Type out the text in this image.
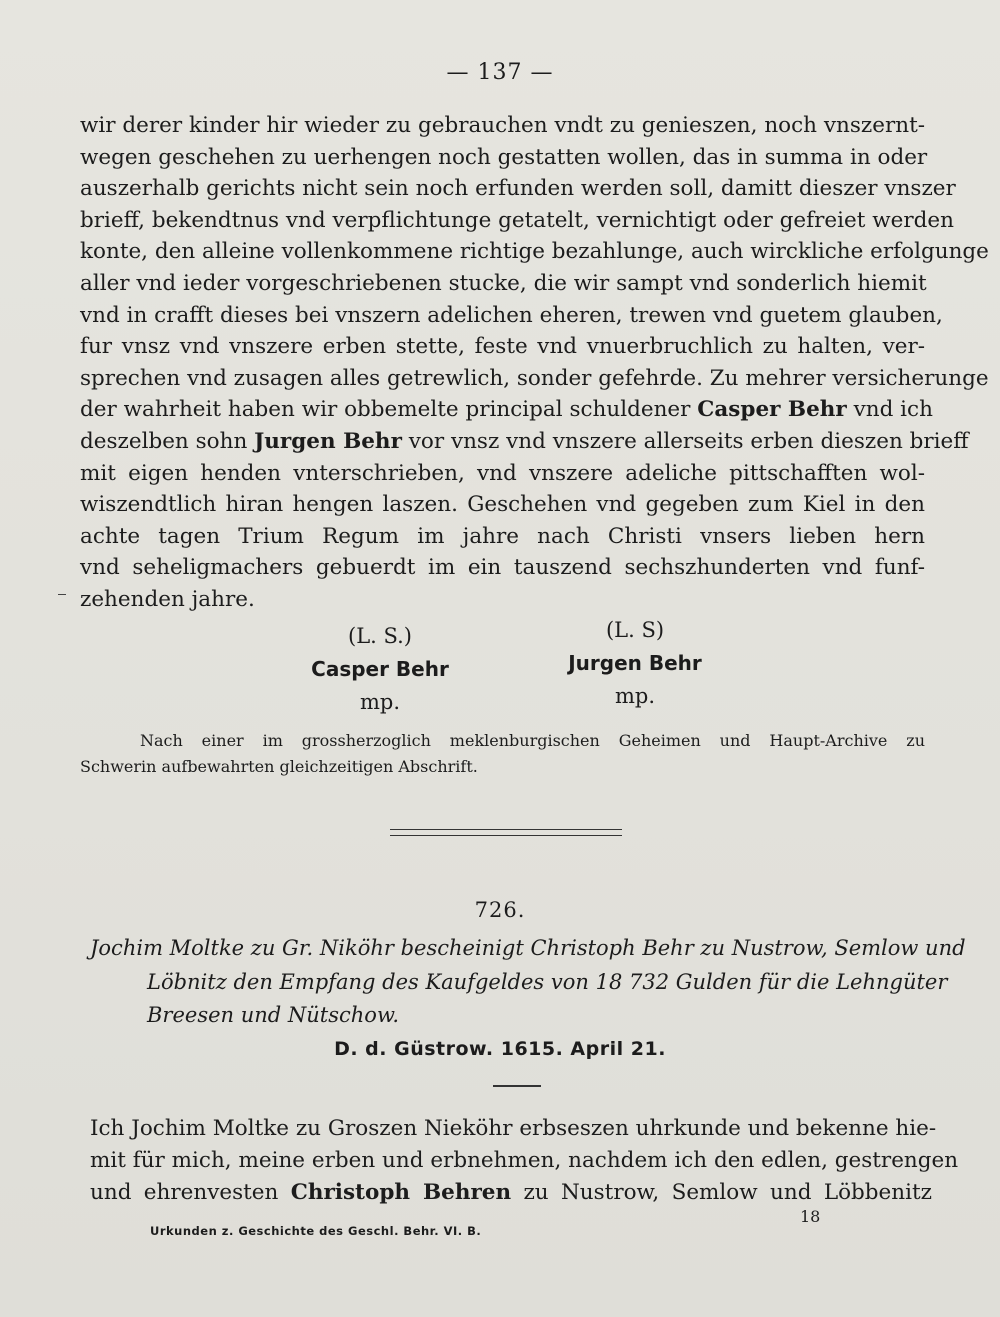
— 137 —
wir derer kinder hir wieder zu gebrauchen vndt zu genieszen, noch vnszernt-
wegen geschehen zu uerhengen noch gestatten wollen, das in summa in oder
auszerhalb gerichts nicht sein noch erfunden werden soll, damitt dieszer vnszer
brieff, bekendtnus vnd verpflichtunge getatelt, vernichtigt oder gefreiet werden
konte, den alleine vollenkommene richtige bezahlunge, auch wirckliche erfolgunge
aller vnd ieder vorgeschriebenen stucke, die wir sampt vnd sonderlich hiemit
vnd in crafft dieses bei vnszern adelichen eheren, trewen vnd guetem glauben,
fur vnsz vnd vnszere erben stette, feste vnd vnuerbruchlich zu halten, ver-
sprechen vnd zusagen alles getrewlich, sonder gefehrde. Zu mehrer versicherunge
der wahrheit haben wir obbemelte principal schuldener Casper Behr vnd ich
deszelben sohn Jurgen Behr vor vnsz vnd vnszere allerseits erben dieszen brieff
mit eigen henden vnterschrieben, vnd vnszere adeliche pittschafften wol-
wiszendtlich hiran hengen laszen. Geschehen vnd gegeben zum Kiel in den
achte tagen Trium Regum im jahre nach Christi vnsers lieben hern
vnd seheligmachers gebuerdt im ein tauszend sechszhunderten vnd funf-
zehenden jahre.
(L. S.)
Casper Behr
mp.
(L. S)
Jurgen Behr
mp.
Nach einer im grossherzoglich meklenburgischen Geheimen und Haupt-Archive zu
Schwerin aufbewahrten gleichzeitigen Abschrift.
726.
Jochim Moltke zu Gr. Niköhr bescheinigt Christoph Behr zu Nustrow, Semlow und
Löbnitz den Empfang des Kaufgeldes von 18 732 Gulden für die Lehngüter
Breesen und Nütschow.
D. d. Güstrow. 1615. April 21.
Ich Jochim Moltke zu Groszen Nieköhr erbseszen uhrkunde und bekenne hie-
mit für mich, meine erben und erbnehmen, nachdem ich den edlen, gestrengen
und ehrenvesten Christoph Behren zu Nustrow, Semlow und Löbbenitz
18
Urkunden z. Geschichte des Geschl. Behr. VI. B.
